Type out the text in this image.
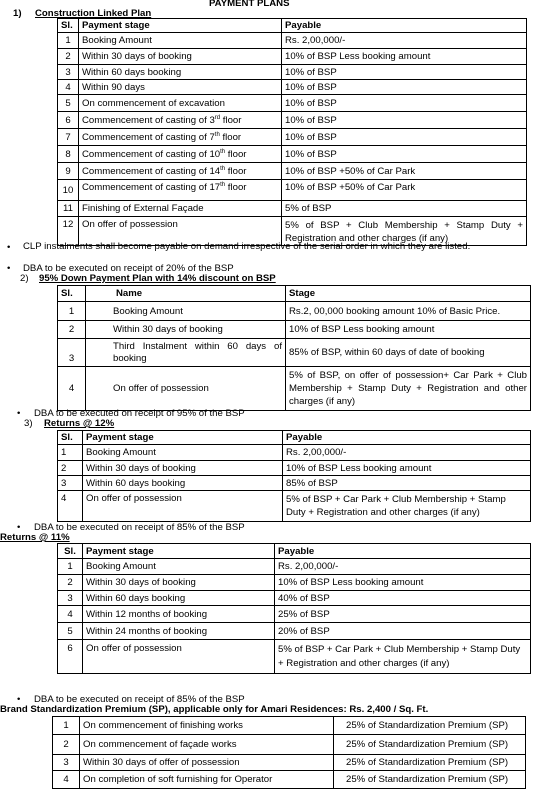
PAYMENT PLANS
1) Construction Linked Plan
Sl.	Payment stage	Payable
1	Booking Amount	Rs. 2,00,000/-
2	Within 30 days of booking	10% of BSP Less booking amount
3	Within 60 days booking	10% of BSP
4	Within 90 days	10% of BSP
5	On commencement of excavation	10% of BSP
6	Commencement of casting of 3rd floor	10% of BSP
7	Commencement of casting of 7th floor	10% of BSP
8	Commencement of casting of 10th floor	10% of BSP
9	Commencement of casting of 14th floor	10% of BSP +50% of Car Park
10	Commencement of casting of 17th floor	10% of BSP +50% of Car Park
11	Finishing of External Façade	5% of BSP
12	On offer of possession	5% of BSP + Club Membership + Stamp Duty + Registration and other charges (if any)
• CLP instalments shall become payable on demand irrespective of the serial order in which they are listed.
• DBA to be executed on receipt of 20% of the BSP
2) 95% Down Payment Plan with 14% discount on BSP
Sl.	Name	Stage
1	Booking Amount	Rs.2, 00,000 booking amount 10% of Basic Price.
2	Within 30 days of booking	10% of BSP Less booking amount
3	Third Instalment within 60 days of booking	85% of BSP, within 60 days of date of booking
4	On offer of possession	5% of BSP, on offer of possession+ Car Park + Club Membership + Stamp Duty + Registration and other charges (if any)
• DBA to be executed on receipt of 95% of the BSP
3) Returns @ 12%
Sl.	Payment stage	Payable
1	Booking Amount	Rs. 2,00,000/-
2	Within 30 days of booking	10% of BSP Less booking amount
3	Within 60 days booking	85% of BSP
4	On offer of possession	5% of BSP + Car Park + Club Membership + Stamp Duty + Registration and other charges (if any)
• DBA to be executed on receipt of 85% of the BSP
Returns @ 11%
Sl.	Payment stage	Payable
1	Booking Amount	Rs. 2,00,000/-
2	Within 30 days of booking	10% of BSP Less booking amount
3	Within 60 days booking	40% of BSP
4	Within 12 months of booking	25% of BSP
5	Within 24 months of booking	20% of BSP
6	On offer of possession	5% of BSP + Car Park + Club Membership + Stamp Duty + Registration and other charges (if any)
• DBA to be executed on receipt of 85% of the BSP
Brand Standardization Premium (SP), applicable only for Amari Residences: Rs. 2,400 / Sq. Ft.
1	On commencement of finishing works	25% of Standardization Premium (SP)
2	On commencement of façade works	25% of Standardization Premium (SP)
3	Within 30 days of offer of possession	25% of Standardization Premium (SP)
4	On completion of soft furnishing for Operator	25% of Standardization Premium (SP)
